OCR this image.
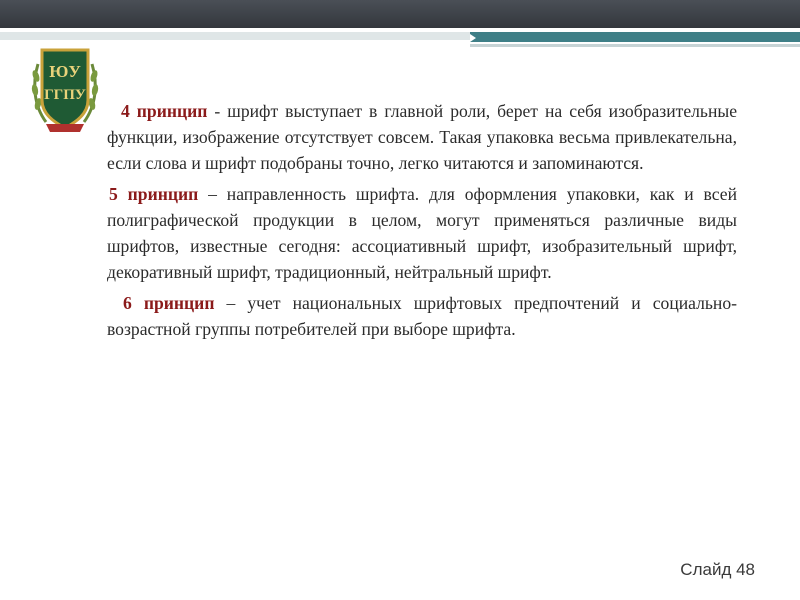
ЮУ
ГГПУ

4 принцип - шрифт выступает в главной роли, берет на себя изобразительные функции, изображение отсутствует совсем. Такая упаковка весьма привлекательна, если слова и шрифт подобраны точно, легко читаются и запоминаются.

5 принцип – направленность шрифта. для оформления упаковки, как и всей полиграфической продукции в целом, могут применяться различные виды шрифтов, известные сегодня: ассоциативный шрифт, изобразительный шрифт, декоративный шрифт, традиционный, нейтральный шрифт.

6 принцип – учет национальных шрифтовых предпочтений и социально-возрастной группы потребителей при выборе шрифта.

Слайд 48
